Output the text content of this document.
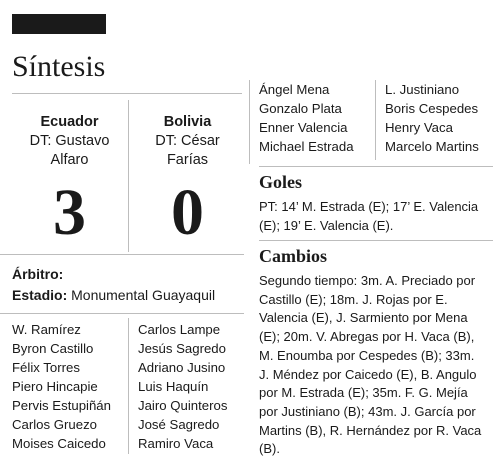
Síntesis
Ecuador
DT: Gustavo
Alfaro
Bolivia
DT: César
Farías
3	0
Árbitro:
Estadio: Monumental Guayaquil
W. Ramírez
Byron Castillo
Félix Torres
Piero Hincapie
Pervis Estupiñán
Carlos Gruezo
Moises Caicedo
Carlos Lampe
Jesús Sagredo
Adriano Jusino
Luis Haquín
Jairo Quinteros
José Sagredo
Ramiro Vaca
Ángel Mena
Gonzalo Plata
Enner Valencia
Michael Estrada
L. Justiniano
Boris Cespedes
Henry Vaca
Marcelo Martins
Goles
PT: 14’ M. Estrada (E); 17’ E. Valencia
(E); 19’ E. Valencia (E).
Cambios
Segundo tiempo: 3m. A. Preciado por
Castillo (E); 18m. J. Rojas por E.
Valencia (E), J. Sarmiento por Mena
(E); 20m. V. Abregas por H. Vaca (B),
M. Enoumba por Cespedes (B); 33m.
J. Méndez por Caicedo (E), B. Angulo
por M. Estrada (E); 35m. F. G. Mejía
por Justiniano (B); 43m. J. García por
Martins (B), R. Hernández por R. Vaca
(B).
